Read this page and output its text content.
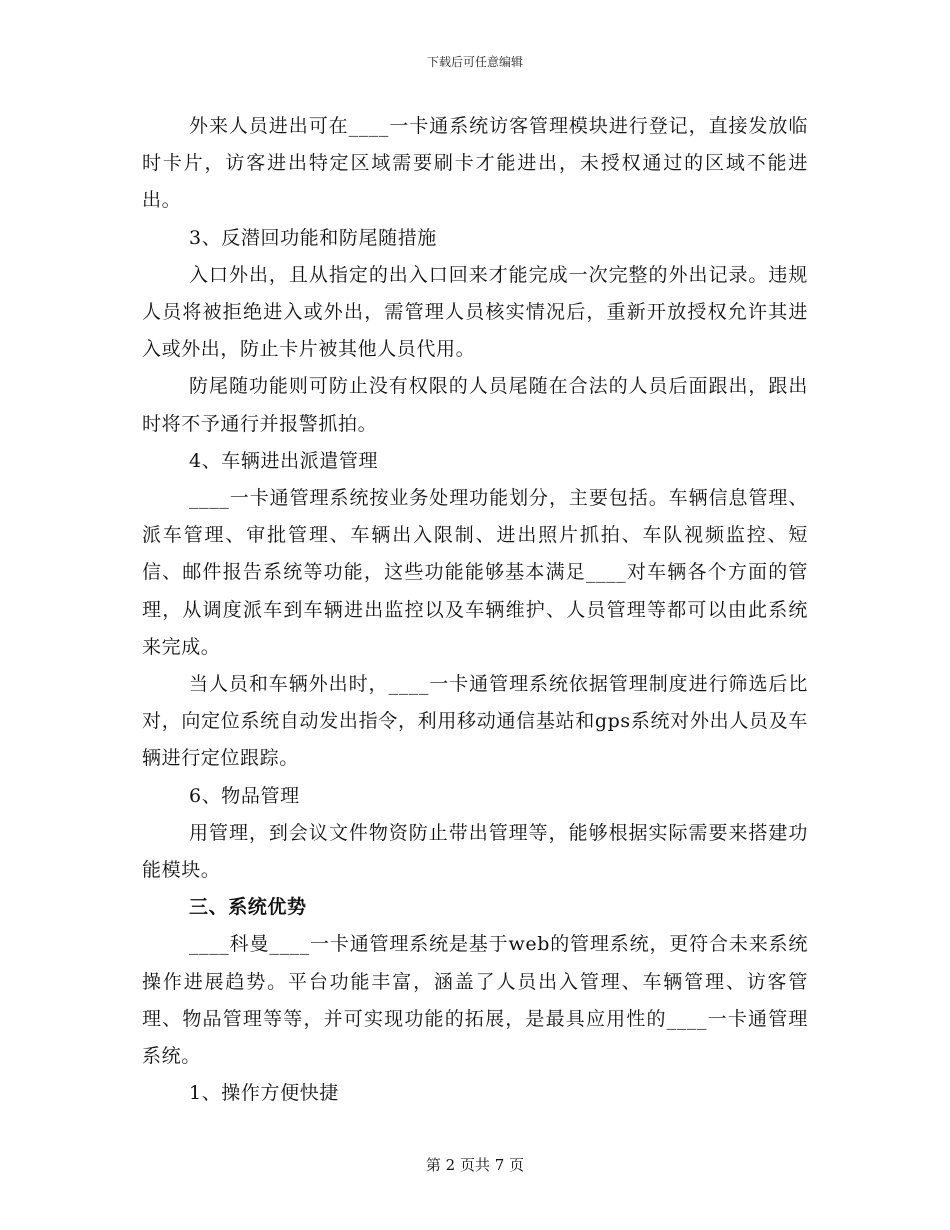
下载后可任意编辑

外来人员进出可在____一卡通系统访客管理模块进行登记，直接发放临时卡片，访客进出特定区域需要刷卡才能进出，未授权通过的区域不能进出。

3、反潜回功能和防尾随措施

入口外出，且从指定的出入口回来才能完成一次完整的外出记录。违规人员将被拒绝进入或外出，需管理人员核实情况后，重新开放授权允许其进入或外出，防止卡片被其他人员代用。

防尾随功能则可防止没有权限的人员尾随在合法的人员后面跟出，跟出时将不予通行并报警抓拍。

4、车辆进出派遣管理

____一卡通管理系统按业务处理功能划分，主要包括。车辆信息管理、派车管理、审批管理、车辆出入限制、进出照片抓拍、车队视频监控、短信、邮件报告系统等功能，这些功能能够基本满足____对车辆各个方面的管理，从调度派车到车辆进出监控以及车辆维护、人员管理等都可以由此系统来完成。

当人员和车辆外出时，____一卡通管理系统依据管理制度进行筛选后比对，向定位系统自动发出指令，利用移动通信基站和gps系统对外出人员及车辆进行定位跟踪。

6、物品管理

用管理，到会议文件物资防止带出管理等，能够根据实际需要来搭建功能模块。

三、系统优势

____科曼____一卡通管理系统是基于web的管理系统，更符合未来系统操作进展趋势。平台功能丰富，涵盖了人员出入管理、车辆管理、访客管理、物品管理等等，并可实现功能的拓展，是最具应用性的____一卡通管理系统。

1、操作方便快捷
第 2 页共 7 页
